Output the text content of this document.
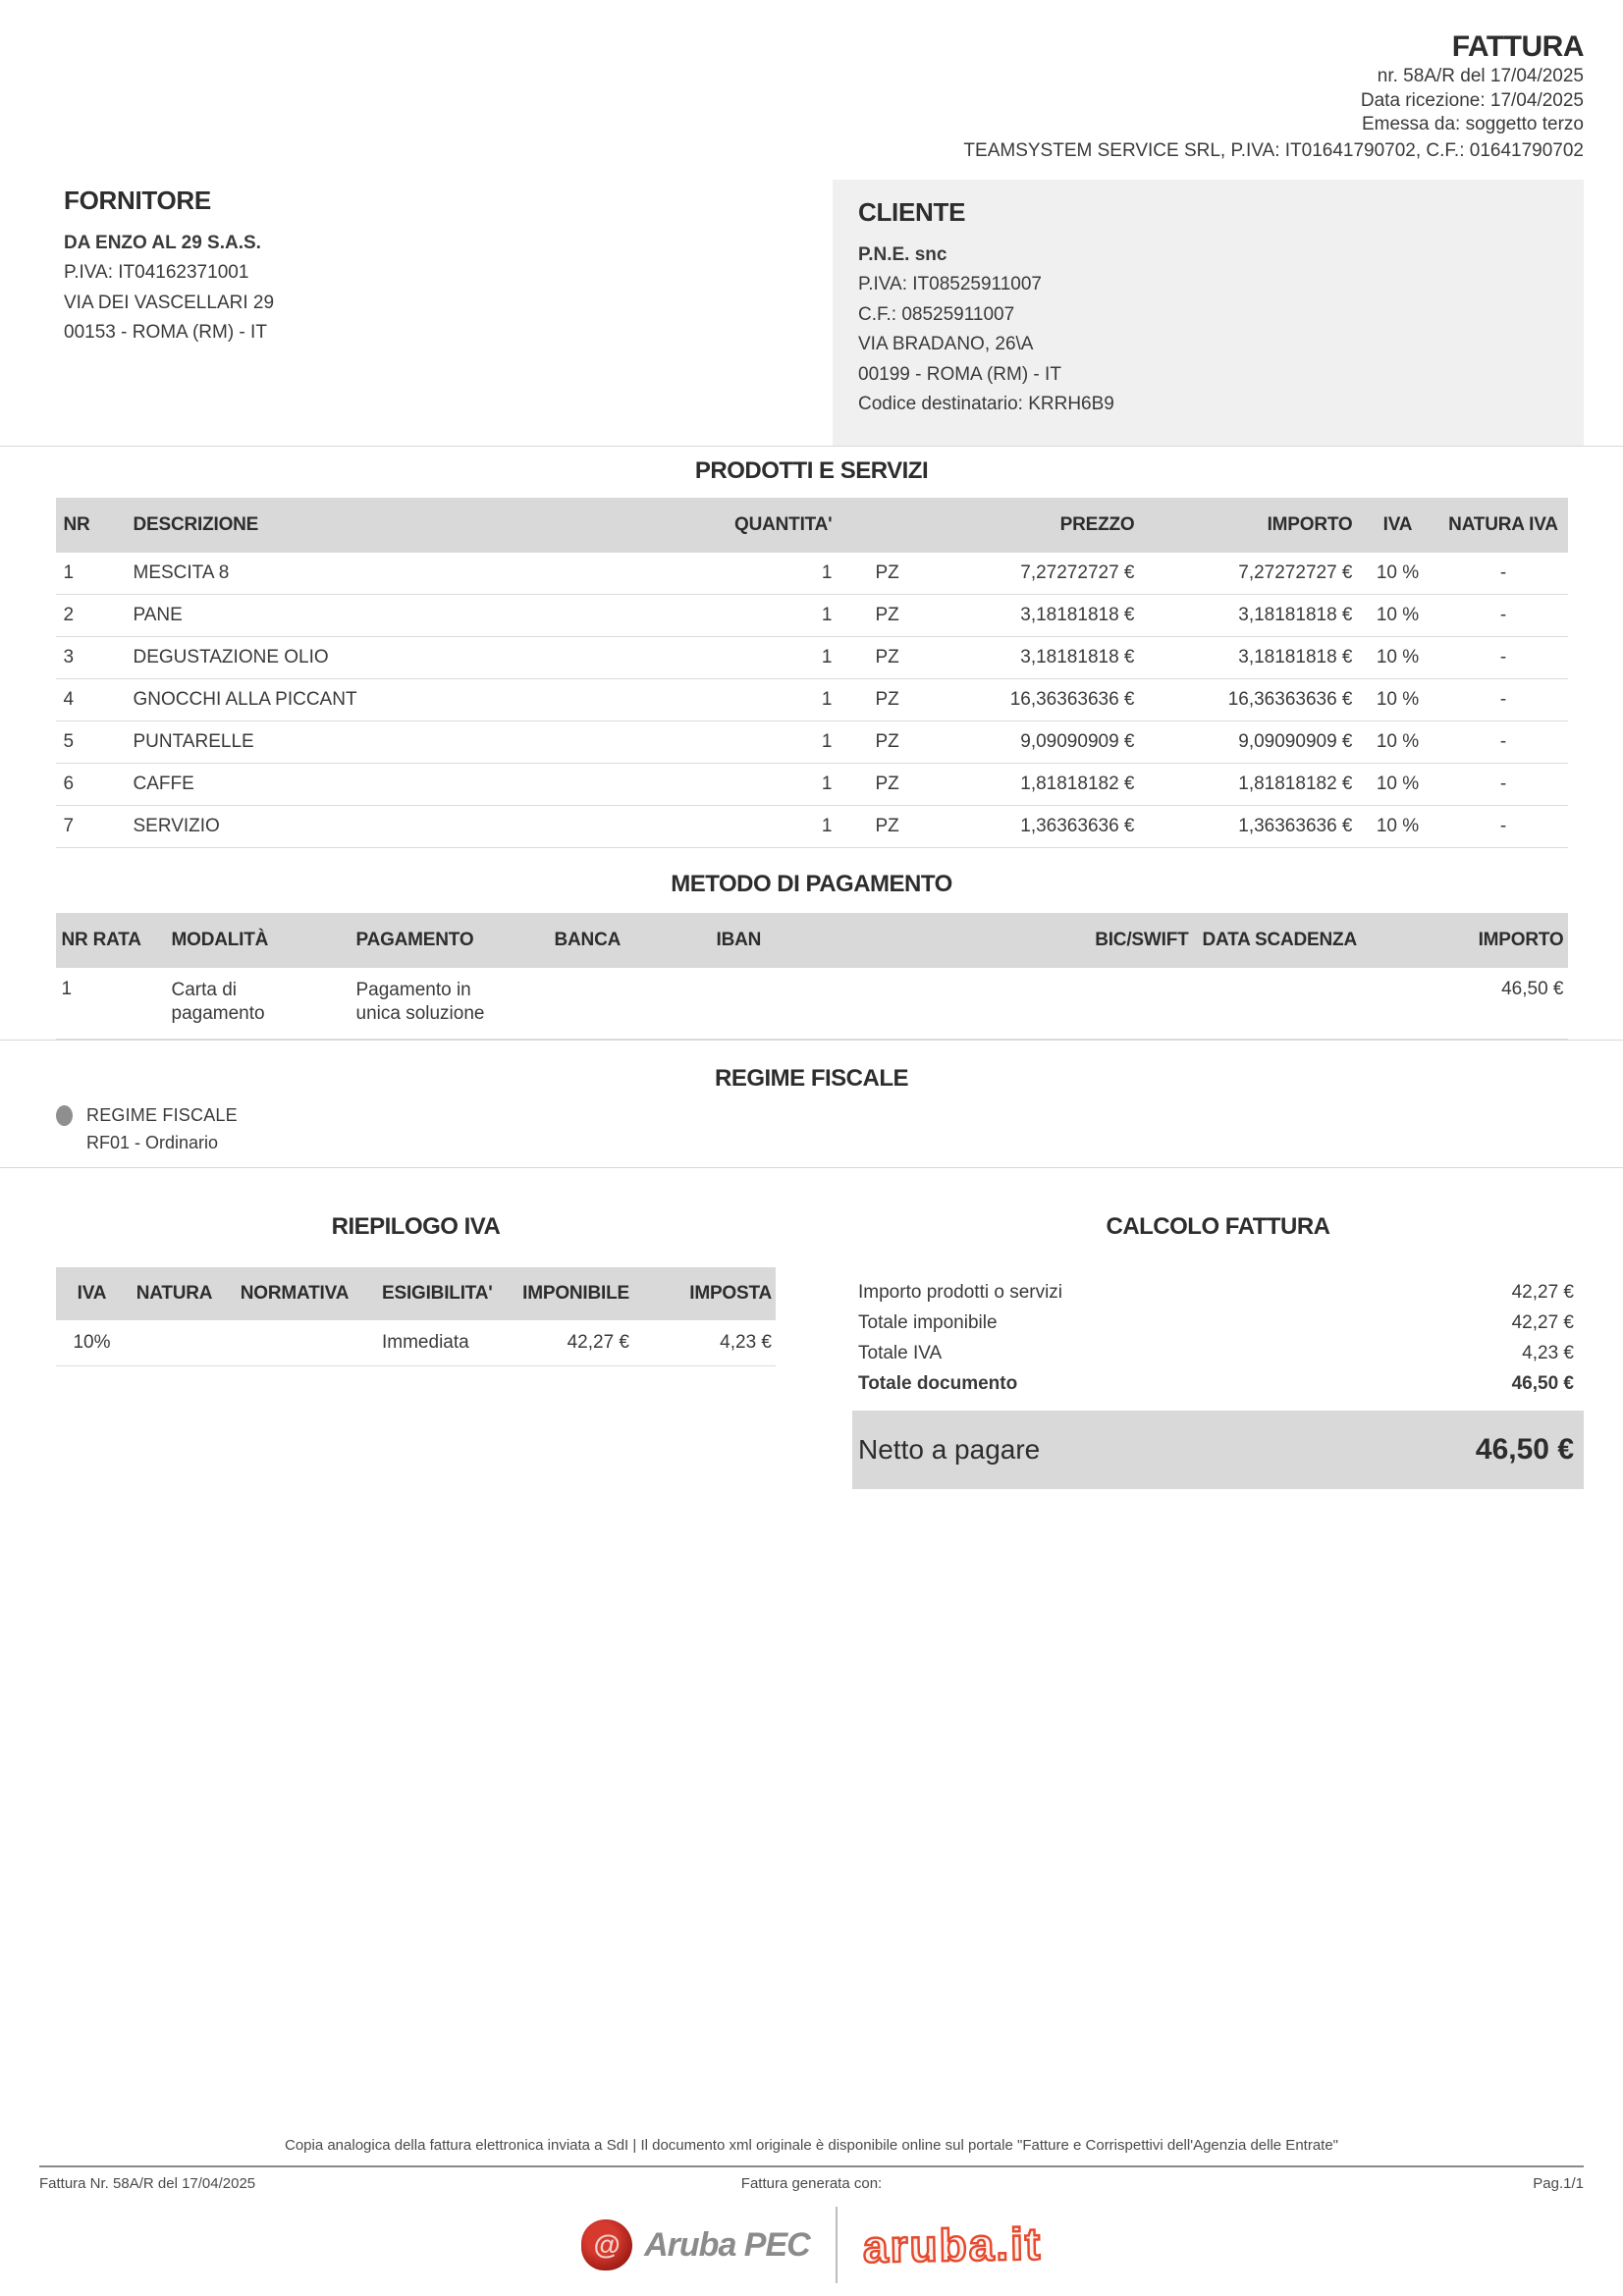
FATTURA
nr. 58A/R del 17/04/2025
Data ricezione: 17/04/2025
Emessa da: soggetto terzo
TEAMSYSTEM SERVICE SRL, P.IVA: IT01641790702, C.F.: 01641790702
FORNITORE
DA ENZO AL 29 S.A.S.
P.IVA: IT04162371001
VIA DEI VASCELLARI 29
00153 - ROMA (RM) - IT
CLIENTE
P.N.E. snc
P.IVA: IT08525911007
C.F.: 08525911007
VIA BRADANO, 26\A
00199 - ROMA (RM) - IT
Codice destinatario: KRRH6B9
PRODOTTI E SERVIZI
NR	DESCRIZIONE	QUANTITA'		PREZZO	IMPORTO	IVA	NATURA IVA
1	MESCITA 8	1	PZ	7,27272727 €	7,27272727 €	10 %	-
2	PANE	1	PZ	3,18181818 €	3,18181818 €	10 %	-
3	DEGUSTAZIONE OLIO	1	PZ	3,18181818 €	3,18181818 €	10 %	-
4	GNOCCHI ALLA PICCANT	1	PZ	16,36363636 €	16,36363636 €	10 %	-
5	PUNTARELLE	1	PZ	9,09090909 €	9,09090909 €	10 %	-
6	CAFFE	1	PZ	1,81818182 €	1,81818182 €	10 %	-
7	SERVIZIO	1	PZ	1,36363636 €	1,36363636 €	10 %	-
METODO DI PAGAMENTO
NR RATA	MODALITÀ	PAGAMENTO	BANCA	IBAN	BIC/SWIFT	DATA SCADENZA	IMPORTO
1	Carta di pagamento	Pagamento in unica soluzione					46,50 €
REGIME FISCALE
REGIME FISCALE
RF01 - Ordinario
RIEPILOGO IVA
IVA	NATURA	NORMATIVA	ESIGIBILITA'	IMPONIBILE	IMPOSTA
10%			Immediata	42,27 €	4,23 €
CALCOLO FATTURA
Importo prodotti o servizi	42,27 €
Totale imponibile	42,27 €
Totale IVA	4,23 €
Totale documento	46,50 €
Netto a pagare	46,50 €
Copia analogica della fattura elettronica inviata a SdI | Il documento xml originale è disponibile online sul portale "Fatture e Corrispettivi dell'Agenzia delle Entrate"
Fattura Nr. 58A/R del 17/04/2025	Fattura generata con:	Pag.1/1
@ Aruba PEC aruba.it
